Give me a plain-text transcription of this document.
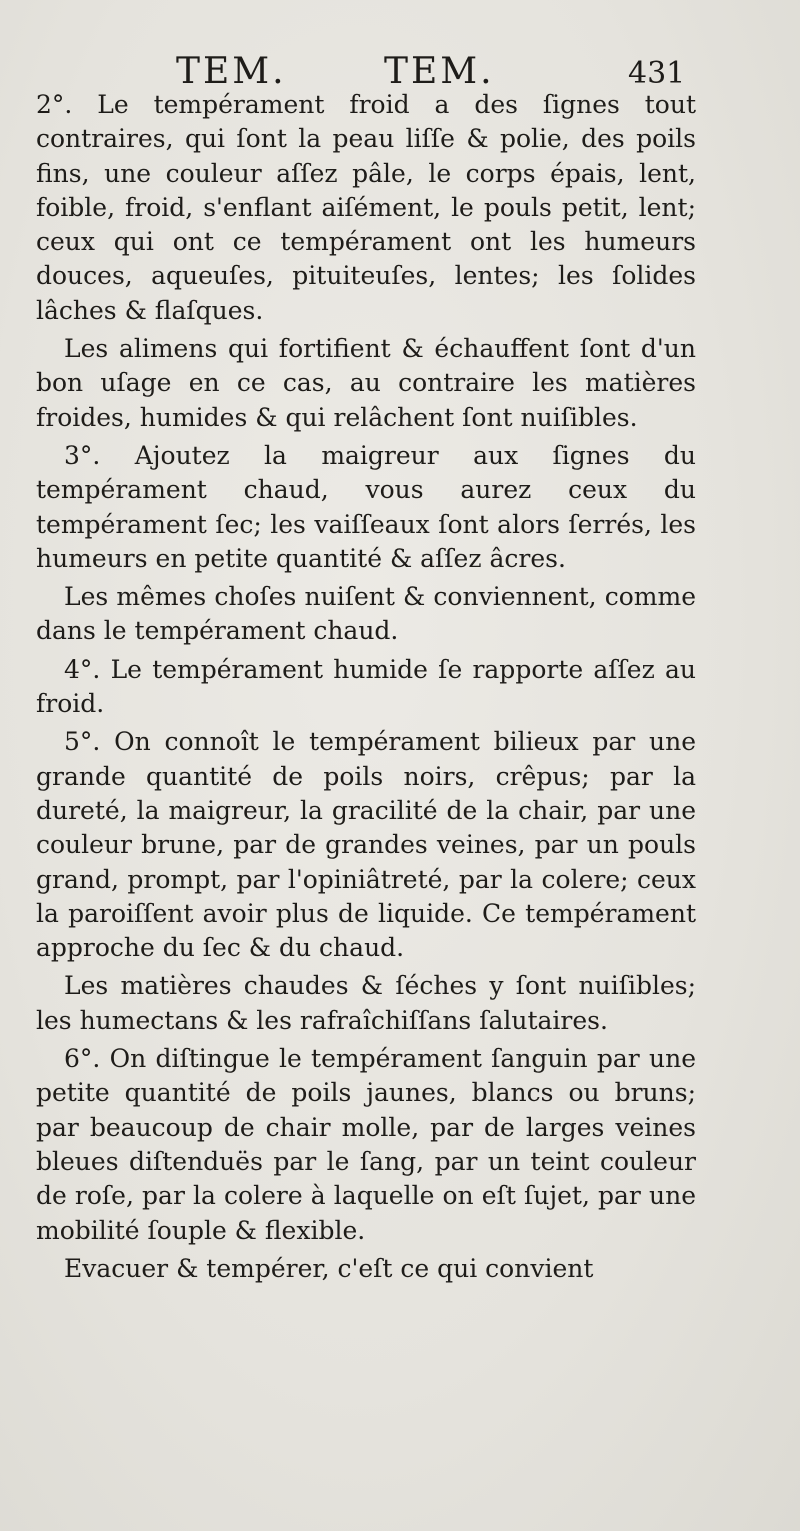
TEM.	TEM.	431

2°. Le tempérament froid a des ſignes tout contraires, qui ſont la peau liſſe & polie, des poils fins, une couleur aſſez pâle, le corps épais, lent, foible, froid, s'enflant aiſément, le pouls petit, lent; ceux qui ont ce tempérament ont les humeurs douces, aqueuſes, pituiteuſes, lentes; les ſolides lâches & flaſques.

Les alimens qui fortifient & échauffent ſont d'un bon uſage en ce cas, au contraire les matières froides, humides & qui relâchent ſont nuiſibles.

3°. Ajoutez la maigreur aux ſignes du tempérament chaud, vous aurez ceux du tempérament ſec; les vaiſſeaux ſont alors ſerrés, les humeurs en petite quantité & aſſez âcres.

Les mêmes choſes nuiſent & conviennent, comme dans le tempérament chaud.

4°. Le tempérament humide ſe rapporte aſſez au froid.

5°. On connoît le tempérament bilieux par une grande quantité de poils noirs, crêpus; par la dureté, la maigreur, la gracilité de la chair, par une couleur brune, par de grandes veines, par un pouls grand, prompt, par l'opiniâtreté, par la colere; ceux la paroiſſent avoir plus de liquide. Ce tempérament approche du ſec & du chaud.

Les matières chaudes & ſéches y ſont nuiſibles; les humectans & les rafraîchiſſans ſalutaires.

6°. On diſtingue le tempérament ſanguin par une petite quantité de poils jaunes, blancs ou bruns; par beaucoup de chair molle, par de larges veines bleues diſtenduës par le ſang, par un teint couleur de roſe, par la colere à laquelle on eſt ſujet, par une mobilité ſouple & flexible.

Evacuer & tempérer, c'eſt ce qui convient
